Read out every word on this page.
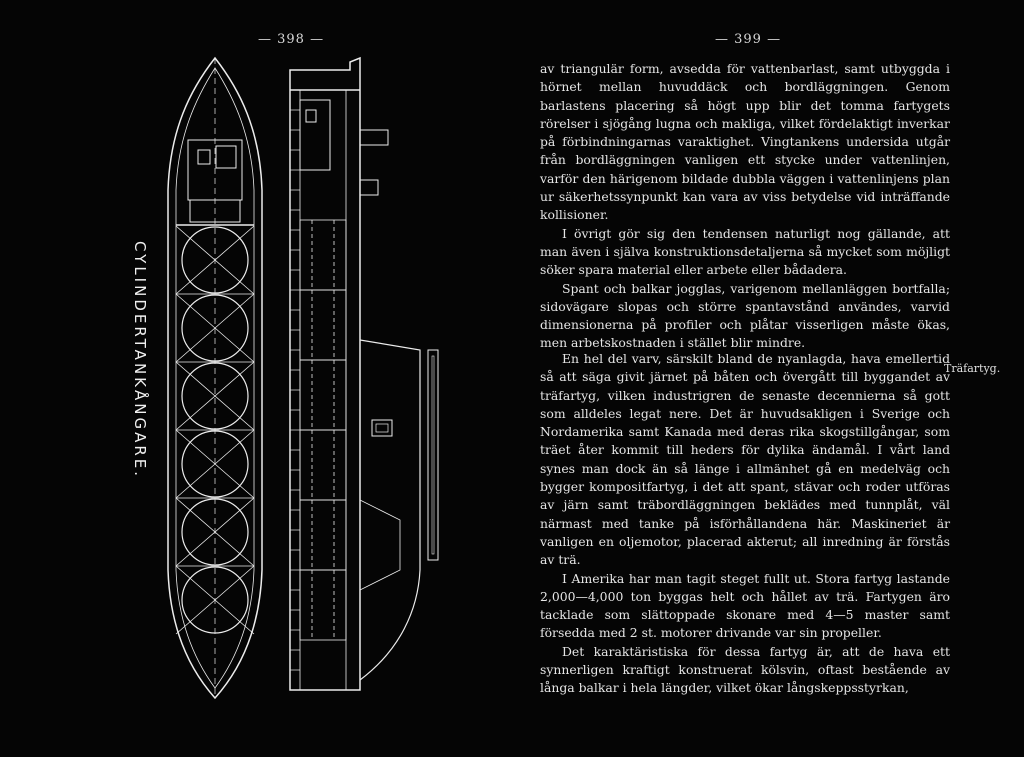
— 398 —
CYLINDERTANKÅNGARE.
— 399 —

av triangulär form, avsedda för vattenbarlast, samt utbyggda i hörnet mellan huvuddäck och bordläggningen. Genom barlastens placering så högt upp blir det tomma fartygets rörelser i sjögång lugna och makliga, vilket fördelaktigt inverkar på förbindningarnas varaktighet. Vingtankens undersida utgår från bordläggningen vanligen ett stycke under vattenlinjen, varför den härigenom bildade dubbla väggen i vattenlinjens plan ur säkerhetssynpunkt kan vara av viss betydelse vid inträffande kollisioner.

I övrigt gör sig den tendensen naturligt nog gällande, att man även i själva konstruktionsdetaljerna så mycket som möjligt söker spara material eller arbete eller bådadera.

Spant och balkar jogglas, varigenom mellanläggen bortfalla; sidovägare slopas och större spantavstånd användes, varvid dimensionerna på profiler och plåtar visserligen måste ökas, men arbetskostnaden i stället blir mindre.

En hel del varv, särskilt bland de nyanlagda, hava emellertid så att säga givit järnet på båten och övergått till byggandet av träfartyg, vilken industrigren de senaste decennierna så gott som alldeles legat nere. Det är huvudsakligen i Sverige och Nordamerika samt Kanada med deras rika skogstillgångar, som träet åter kommit till heders för dylika ändamål. I vårt land synes man dock än så länge i allmänhet gå en medelväg och bygger kompositfartyg, i det att spant, stävar och roder utföras av järn samt träbordläggningen beklädes med tunnplåt, väl närmast med tanke på isförhållandena här. Maskineriet är vanligen en oljemotor, placerad akterut; all inredning är förstås av trä.

I Amerika har man tagit steget fullt ut. Stora fartyg lastande 2,000—4,000 ton byggas helt och hållet av trä. Fartygen äro tacklade som slättoppade skonare med 4—5 master samt försedda med 2 st. motorer drivande var sin propeller.

Det karaktäristiska för dessa fartyg är, att de hava ett synnerligen kraftigt konstruerat kölsvin, oftast bestående av långa balkar i hela längder, vilket ökar långskeppsstyrkan,

Träfartyg.
